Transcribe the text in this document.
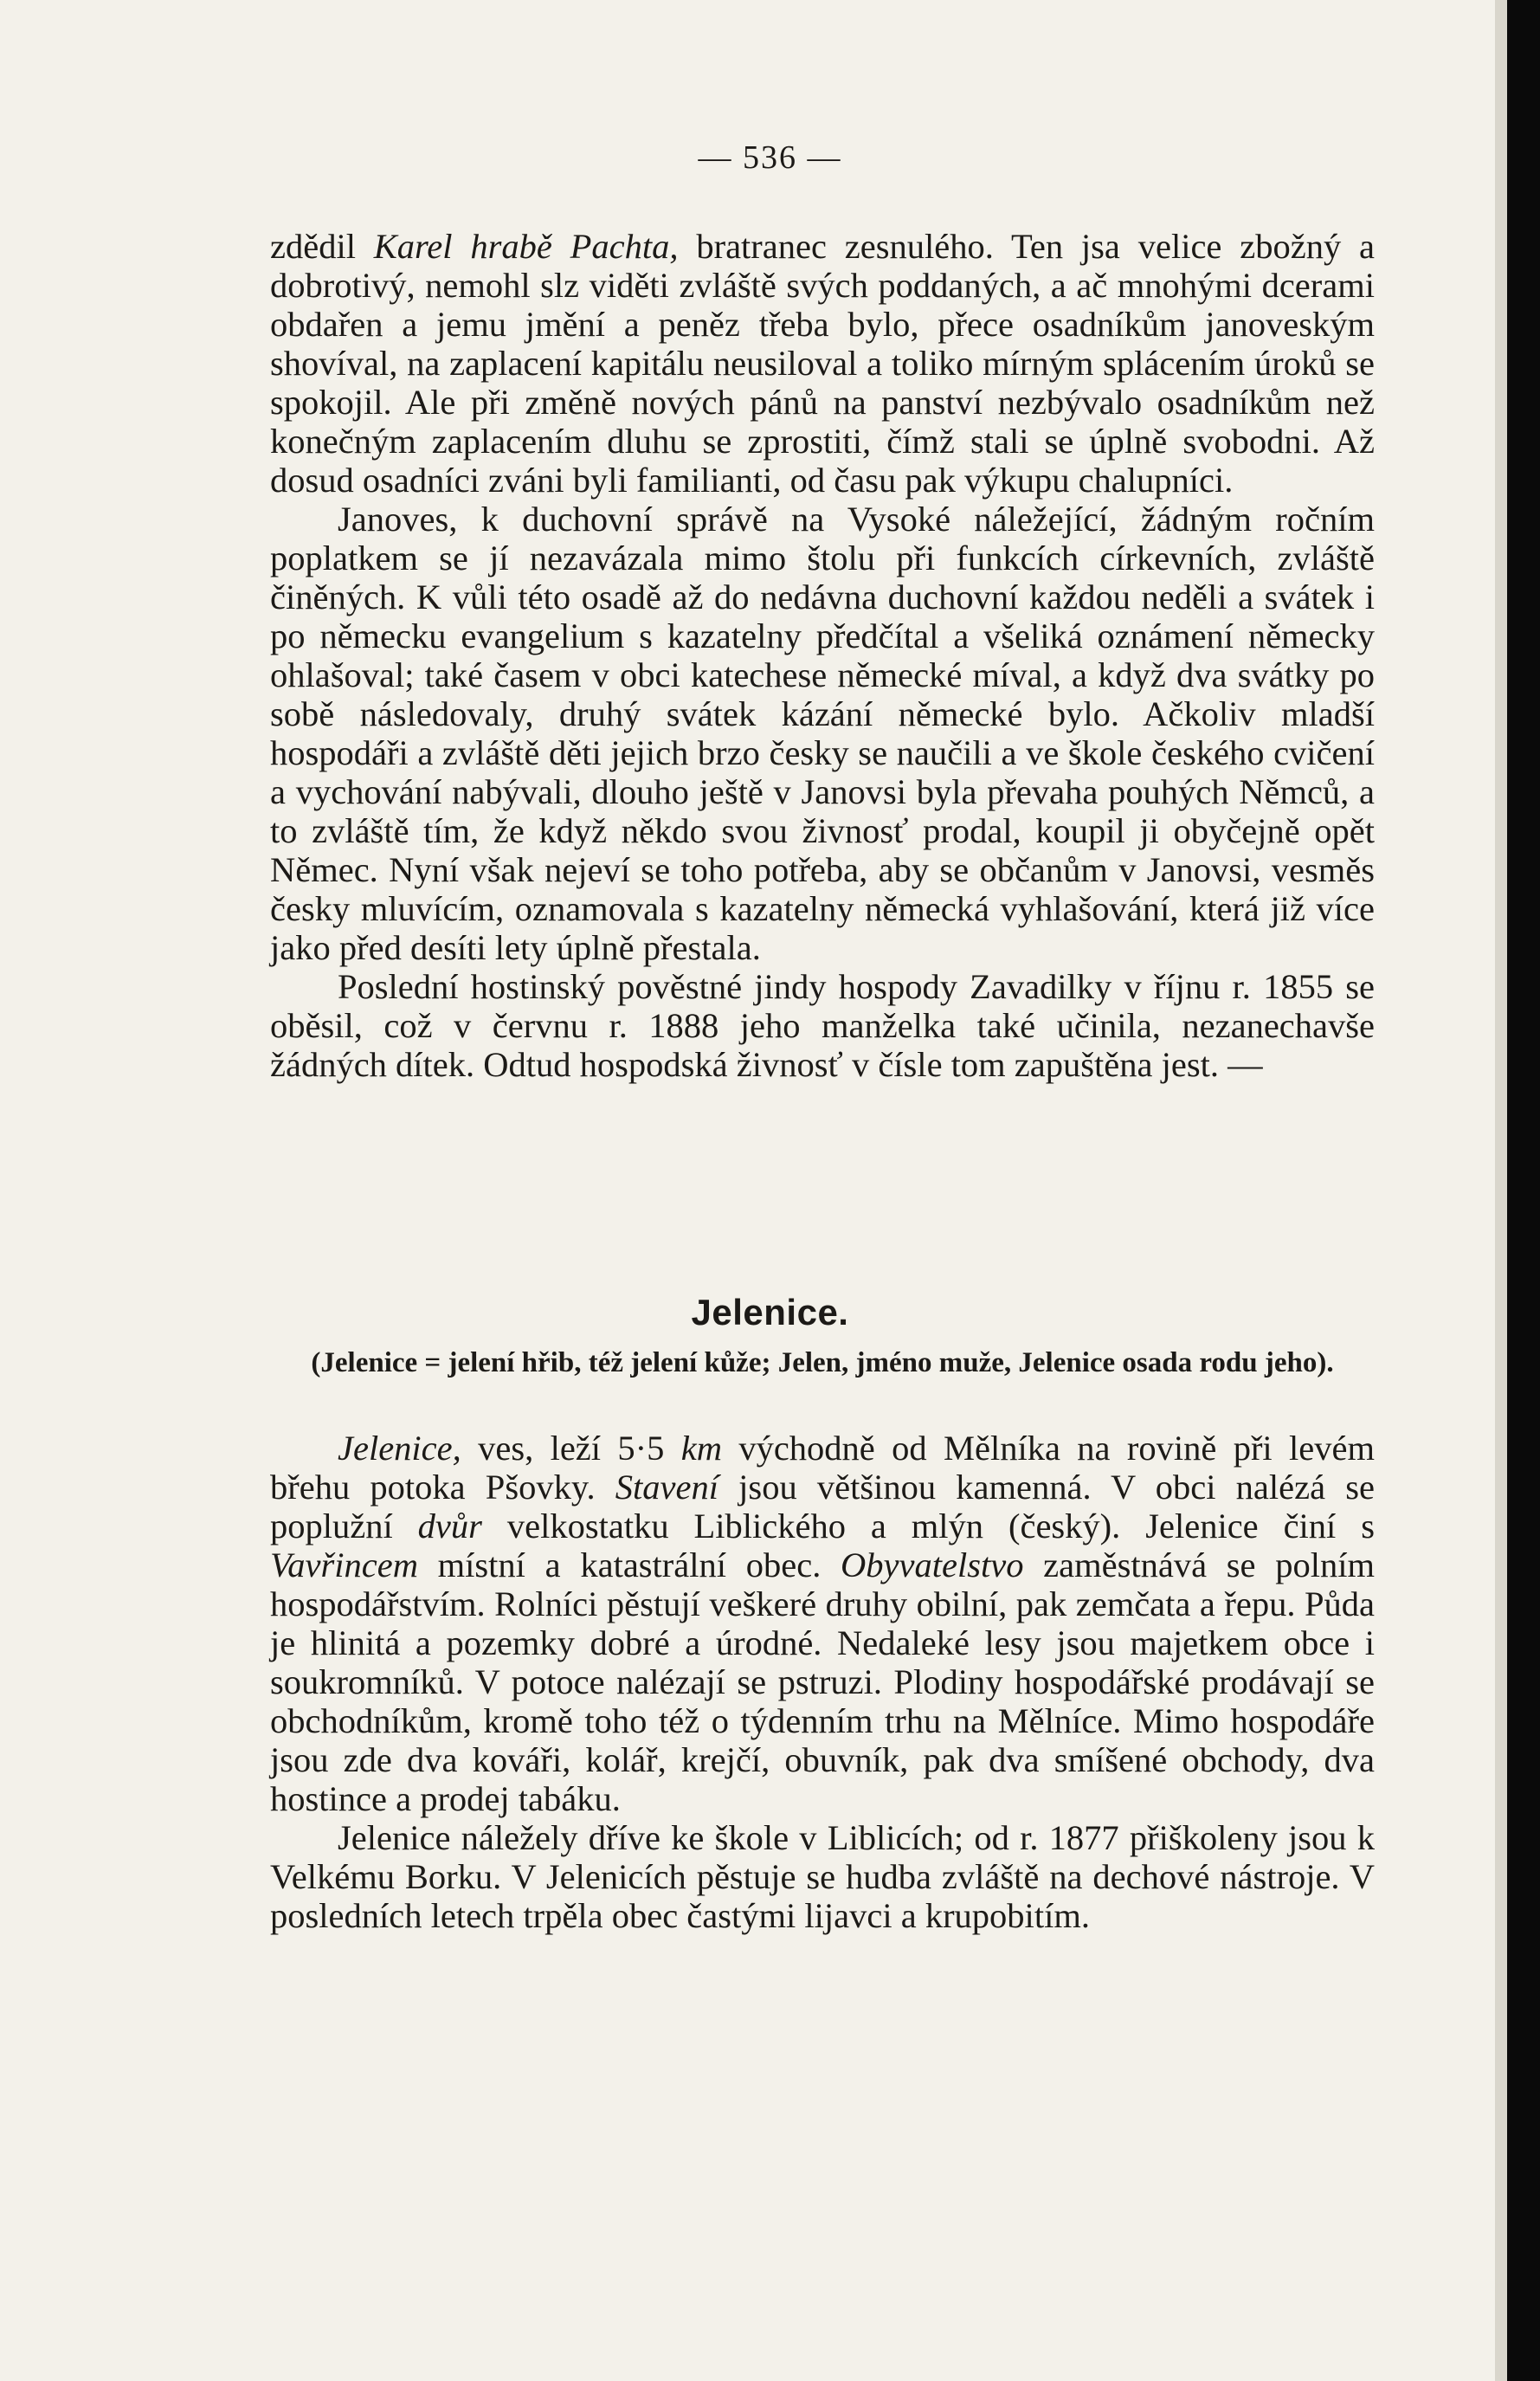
— 536 —

zdědil Karel hrabě Pachta, bratranec zesnulého. Ten jsa velice zbožný a dobrotivý, nemohl slz viděti zvláště svých poddaných, a ač mnohými dcerami obdařen a jemu jmění a peněz třeba bylo, přece osadníkům janoveským shovíval, na zaplacení kapitálu neusiloval a toliko mírným splácením úroků se spokojil. Ale při změně nových pánů na panství nezbývalo osadníkům než konečným zaplacením dluhu se zprostiti, čímž stali se úplně svobodni. Až dosud osadníci zváni byli familianti, od času pak výkupu chalupníci.

Janoves, k duchovní správě na Vysoké náležející, žádným ročním poplatkem se jí nezavázala mimo štolu při funkcích církevních, zvláště činěných. K vůli této osadě až do nedávna duchovní každou neděli a svátek i po německu evangelium s kazatelny předčítal a všeliká oznámení německy ohlašoval; také časem v obci katechese německé míval, a když dva svátky po sobě následovaly, druhý svátek kázání německé bylo. Ačkoliv mladší hospodáři a zvláště děti jejich brzo česky se naučili a ve škole českého cvičení a vychování nabývali, dlouho ještě v Janovsi byla převaha pouhých Němců, a to zvláště tím, že když někdo svou živnosť prodal, koupil ji obyčejně opět Němec. Nyní však nejeví se toho potřeba, aby se občanům v Janovsi, vesměs česky mluvícím, oznamovala s kazatelny německá vyhlašování, která již více jako před desíti lety úplně přestala.

Poslední hostinský pověstné jindy hospody Zavadilky v říjnu r. 1855 se oběsil, což v červnu r. 1888 jeho manželka také učinila, nezanechavše žádných dítek. Odtud hospodská živnosť v čísle tom zapuštěna jest. —

Jelenice.
(Jelenice = jelení hřib, též jelení kůže; Jelen, jméno muže, Jelenice osada rodu jeho).

Jelenice, ves, leží 5·5 km východně od Mělníka na rovině při levém břehu potoka Pšovky. Stavení jsou většinou kamenná. V obci nalézá se poplužní dvůr velkostatku Liblického a mlýn (český). Jelenice činí s Vavřincem místní a katastrální obec. Obyvatelstvo zaměstnává se polním hospodářstvím. Rolníci pěstují veškeré druhy obilní, pak zemčata a řepu. Půda je hlinitá a pozemky dobré a úrodné. Nedaleké lesy jsou majetkem obce i soukromníků. V potoce nalézají se pstruzi. Plodiny hospodářské prodávají se obchodníkům, kromě toho též o týdenním trhu na Mělníce. Mimo hospodáře jsou zde dva kováři, kolář, krejčí, obuvník, pak dva smíšené obchody, dva hostince a prodej tabáku.

Jelenice náležely dříve ke škole v Liblicích; od r. 1877 přiškoleny jsou k Velkému Borku. V Jelenicích pěstuje se hudba zvláště na dechové nástroje. V posledních letech trpěla obec častými lijavci a krupobitím.
